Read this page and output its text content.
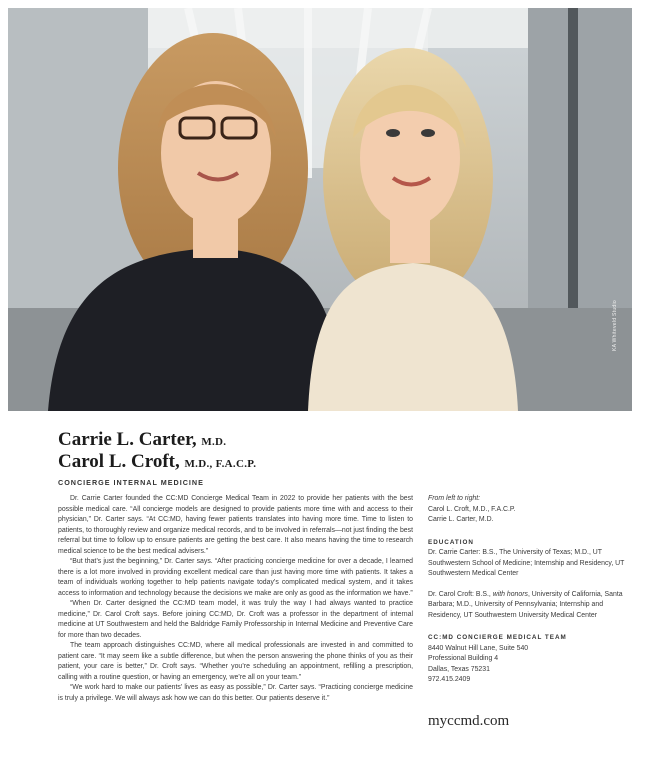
KA Whiteveld Studio
Carrie L. Carter, M.D.
Carol L. Croft, M.D., F.A.C.P.
CONCIERGE INTERNAL MEDICINE

Dr. Carrie Carter founded the CC:MD Concierge Medical Team in 2022 to provide her patients with the best possible medical care. “All concierge models are designed to provide patients more time with and access to their physician,” Dr. Carter says. “At CC:MD, having fewer patients translates into having more time. Time to listen to patients, to thoroughly review and organize medical records, and to be involved in referrals—not just finding the best referral but time to follow up to ensure patients are getting the best care. It also means having the time to research medical science to be the best medical advisers.”

“But that’s just the beginning,” Dr. Carter says. “After practicing concierge medicine for over a decade, I learned there is a lot more involved in providing excellent medical care than just having more time with patients. It takes a team of individuals working together to help patients navigate today’s complicated medical system, and it takes access to information and technology because the decisions we make are only as good as the information we have.”

“When Dr. Carter designed the CC:MD team model, it was truly the way I had always wanted to practice medicine,” Dr. Carol Croft says. Before joining CC:MD, Dr. Croft was a professor in the department of internal medicine at UT Southwestern and held the Baldridge Family Professorship in Internal Medicine and Preventive Care for more than two decades.

The team approach distinguishes CC:MD, where all medical professionals are invested in and committed to patient care. “It may seem like a subtle difference, but when the person answering the phone thinks of you as their patient, your care is better,” Dr. Croft says. “Whether you’re scheduling an appointment, refilling a prescription, calling with a routine question, or having an emergency, we’re all on your team.”

“We work hard to make our patients’ lives as easy as possible,” Dr. Carter says. “Practicing concierge medicine is truly a privilege. We will always ask how we can do this better. Our patients deserve it.”

From left to right:

Carol L. Croft, M.D., F.A.C.P.

Carrie L. Carter, M.D.

EDUCATION

Dr. Carrie Carter: B.S., The University of Texas; M.D., UT Southwestern School of Medicine; Internship and Residency, UT Southwestern Medical Center

Dr. Carol Croft: B.S., with honors, University of California, Santa Barbara; M.D., University of Pennsylvania; Internship and Residency, UT Southwestern University Medical Center

CC:MD CONCIERGE MEDICAL TEAM

8440 Walnut Hill Lane, Suite 540

Professional Building 4

Dallas, Texas 75231

972.415.2409

myccmd.com
